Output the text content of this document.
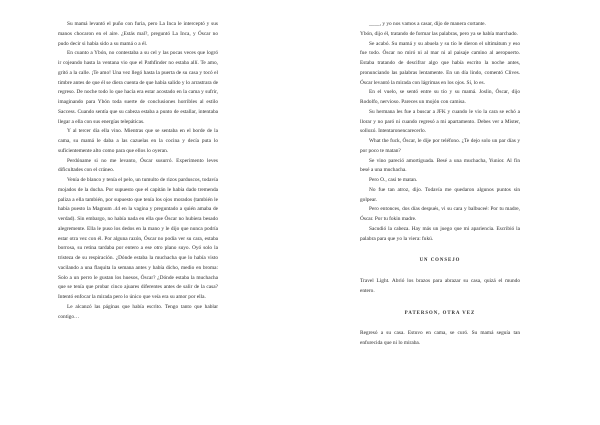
Su mamá levantó el puño con furia, pero La Inca le interceptó y sus manos chocaron en el aire. ¿Estás mal?, preguntó La Inca, y Óscar no pudo decir si había sido a su mamá o a él.

En cuanto a Ybón, no contestaba a su cel y las pocas veces que logró ir cojeando hasta la ventana vio que el Pathfinder no estaba allí. Te amo, gritó a la calle. ¡Te amo! Una vez llegó hasta la puerta de su casa y tocó el timbre antes de que él se diera cuenta de que había salido y lo arrastrara de regreso. De noche todo lo que hacía era estar acostado en la cama y sufrir, imaginando para Ybón toda suerte de conclusiones horribles al estilo Saccess. Cuando sentía que su cabeza estaba a punto de estallar, intentaba llegar a ella con sus energías telepáticas.

Y al tercer día ella vino. Mientras que se sentaba en el borde de la cama, su mamá le daba a las cazuelas en la cocina y decía puta lo suficientemente alto como para que ellos lo oyeran.

Perdóname si no me levanto, Óscar susurró. Experimento leves dificultades con el cráneo.

Venía de blanco y tenía el pelo, un tumulto de rizos parduscos, todavía mojados de la ducha. Por supuesto que el capitán le había dado tremenda paliza a ella también, por supuesto que tenía los ojos morados (también le había puesto la Magnum .44 en la vagina y preguntado a quién amaba de verdad). Sin embargo, no había nada en ella que Óscar no hubiera besado alegremente. Ella le puso los dedos en la mano y le dijo que nunca podría estar otra vez con él. Por alguna razón, Óscar no podía ver su cara, estaba borrosa, su retina tardaba por entero a ese otro plano suyo. Oyó solo la tristeza de su respiración. ¿Dónde estaba la muchacha que lo había visto vacilando a una flaquita la semana antes y había dicho, medio en broma: Solo a un perro le gustan los huesos, Óscar? ¿Dónde estaba la muchacha que se tenía que probar cinco ajuares diferentes antes de salir de la casa? Intentó enfocar la mirada pero lo único que veía era su amor por ella.

Le alcanzó las páginas que había escrito. Tengo tanto que hablar contigo…

____, y yo nos vamos a casar, dijo de manera cortante.

Ybón, dijo él, tratando de formar las palabras, pero ya se había marchado.

Se acabó. Su mamá y su abuela y su tío le dieron el ultimátum y eso fue todo. Óscar no miró ni al mar ni al paisaje camino al aeropuerto. Estaba tratando de descifrar algo que había escrito la noche antes, pronunciando las palabras lentamente. En un día lindo, comentó Clives. Óscar levantó la mirada con lágrimas en los ojos. Sí, lo es.

En el vuelo, se sentó entre su tío y su mamá. Joslin, Óscar, dijo Rodolfo, nervioso. Pareces un mojón con camisa.

Su hermana les fue a buscar a JFK y cuando le vio la cara se echó a llorar y no paró ni cuando regresó a mi apartamento. Debes ver a Mister, sollozó. Intentaronencarecerlo.

What the fuck, Óscar, le dije por teléfono. ¿Te dejo solo un par días y por poco te matan?

Se vino pareció amortiguada. Besé a una muchacha, Yunior. Al fin besé a una muchacha.

Pero O., casi te matan.

No fue tan atroz, dijo. Todavía me quedaron algunos puntos sin golpear.

Pero entonces, dos días después, vi su cara y balbuceé: Por tu madre, Óscar. Por tu fokin madre.

Sacudió la cabeza. Hay más un juego que mi apariencia. Escribió la palabra para que yo la viera: fukú.

UN CONSEJO

Travel Light. Abrió los brazos para abrazar su casa, quizá el mundo entero.

PATERSON, OTRA VEZ

Regresó a su casa. Estuvo en cama, se curó. Su mamá seguía tan enfurecida que ni lo miraba.
